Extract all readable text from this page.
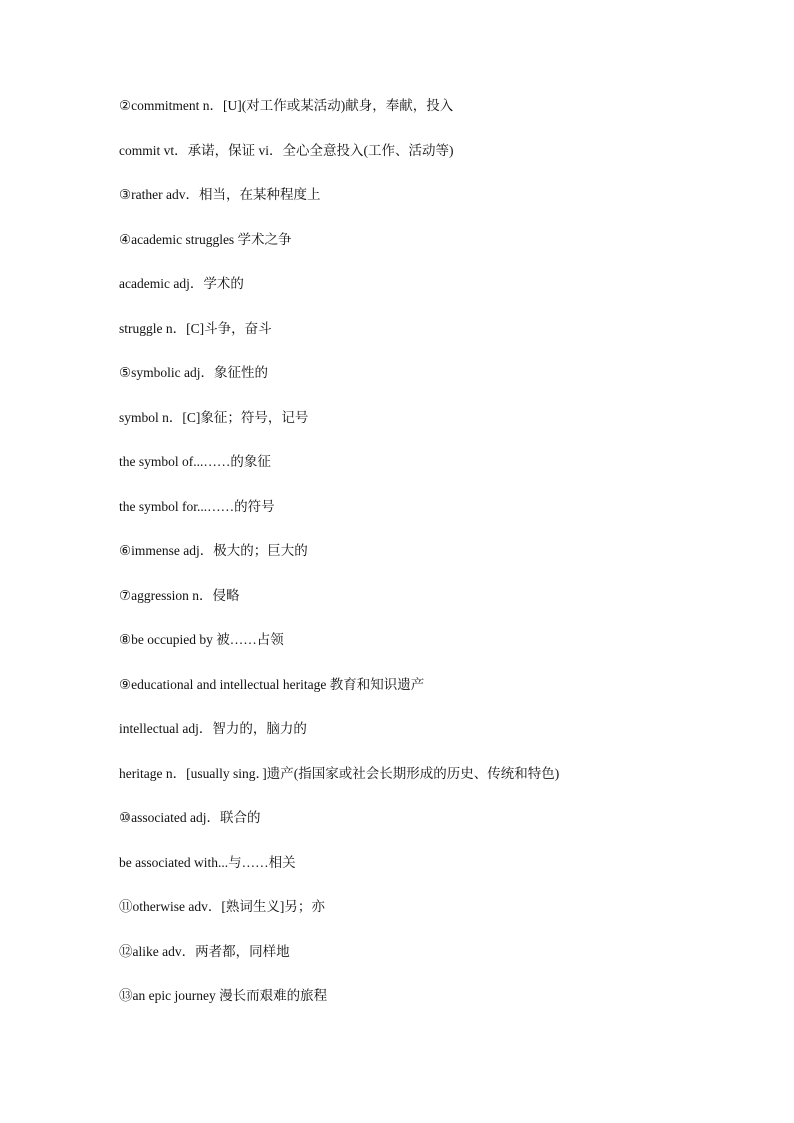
②commitment n．[U](对工作或某活动)献身，奉献，投入
commit vt．承诺，保证 vi．全心全意投入(工作、活动等)
③rather adv．相当，在某种程度上
④academic struggles 学术之争
academic adj．学术的
struggle n．[C]斗争，奋斗
⑤symbolic adj．象征性的
symbol n．[C]象征；符号，记号
the symbol of...……的象征
the symbol for...……的符号
⑥immense adj．极大的；巨大的
⑦aggression n．侵略
⑧be occupied by 被……占领
⑨educational and intellectual heritage 教育和知识遗产
intellectual adj．智力的，脑力的
heritage n．[usually sing．]遗产(指国家或社会长期形成的历史、传统和特色)
⑩associated adj．联合的
be associated with...与……相关
⑪otherwise adv．[熟词生义]另；亦
⑫alike adv．两者都，同样地
⑬an epic journey 漫长而艰难的旅程
